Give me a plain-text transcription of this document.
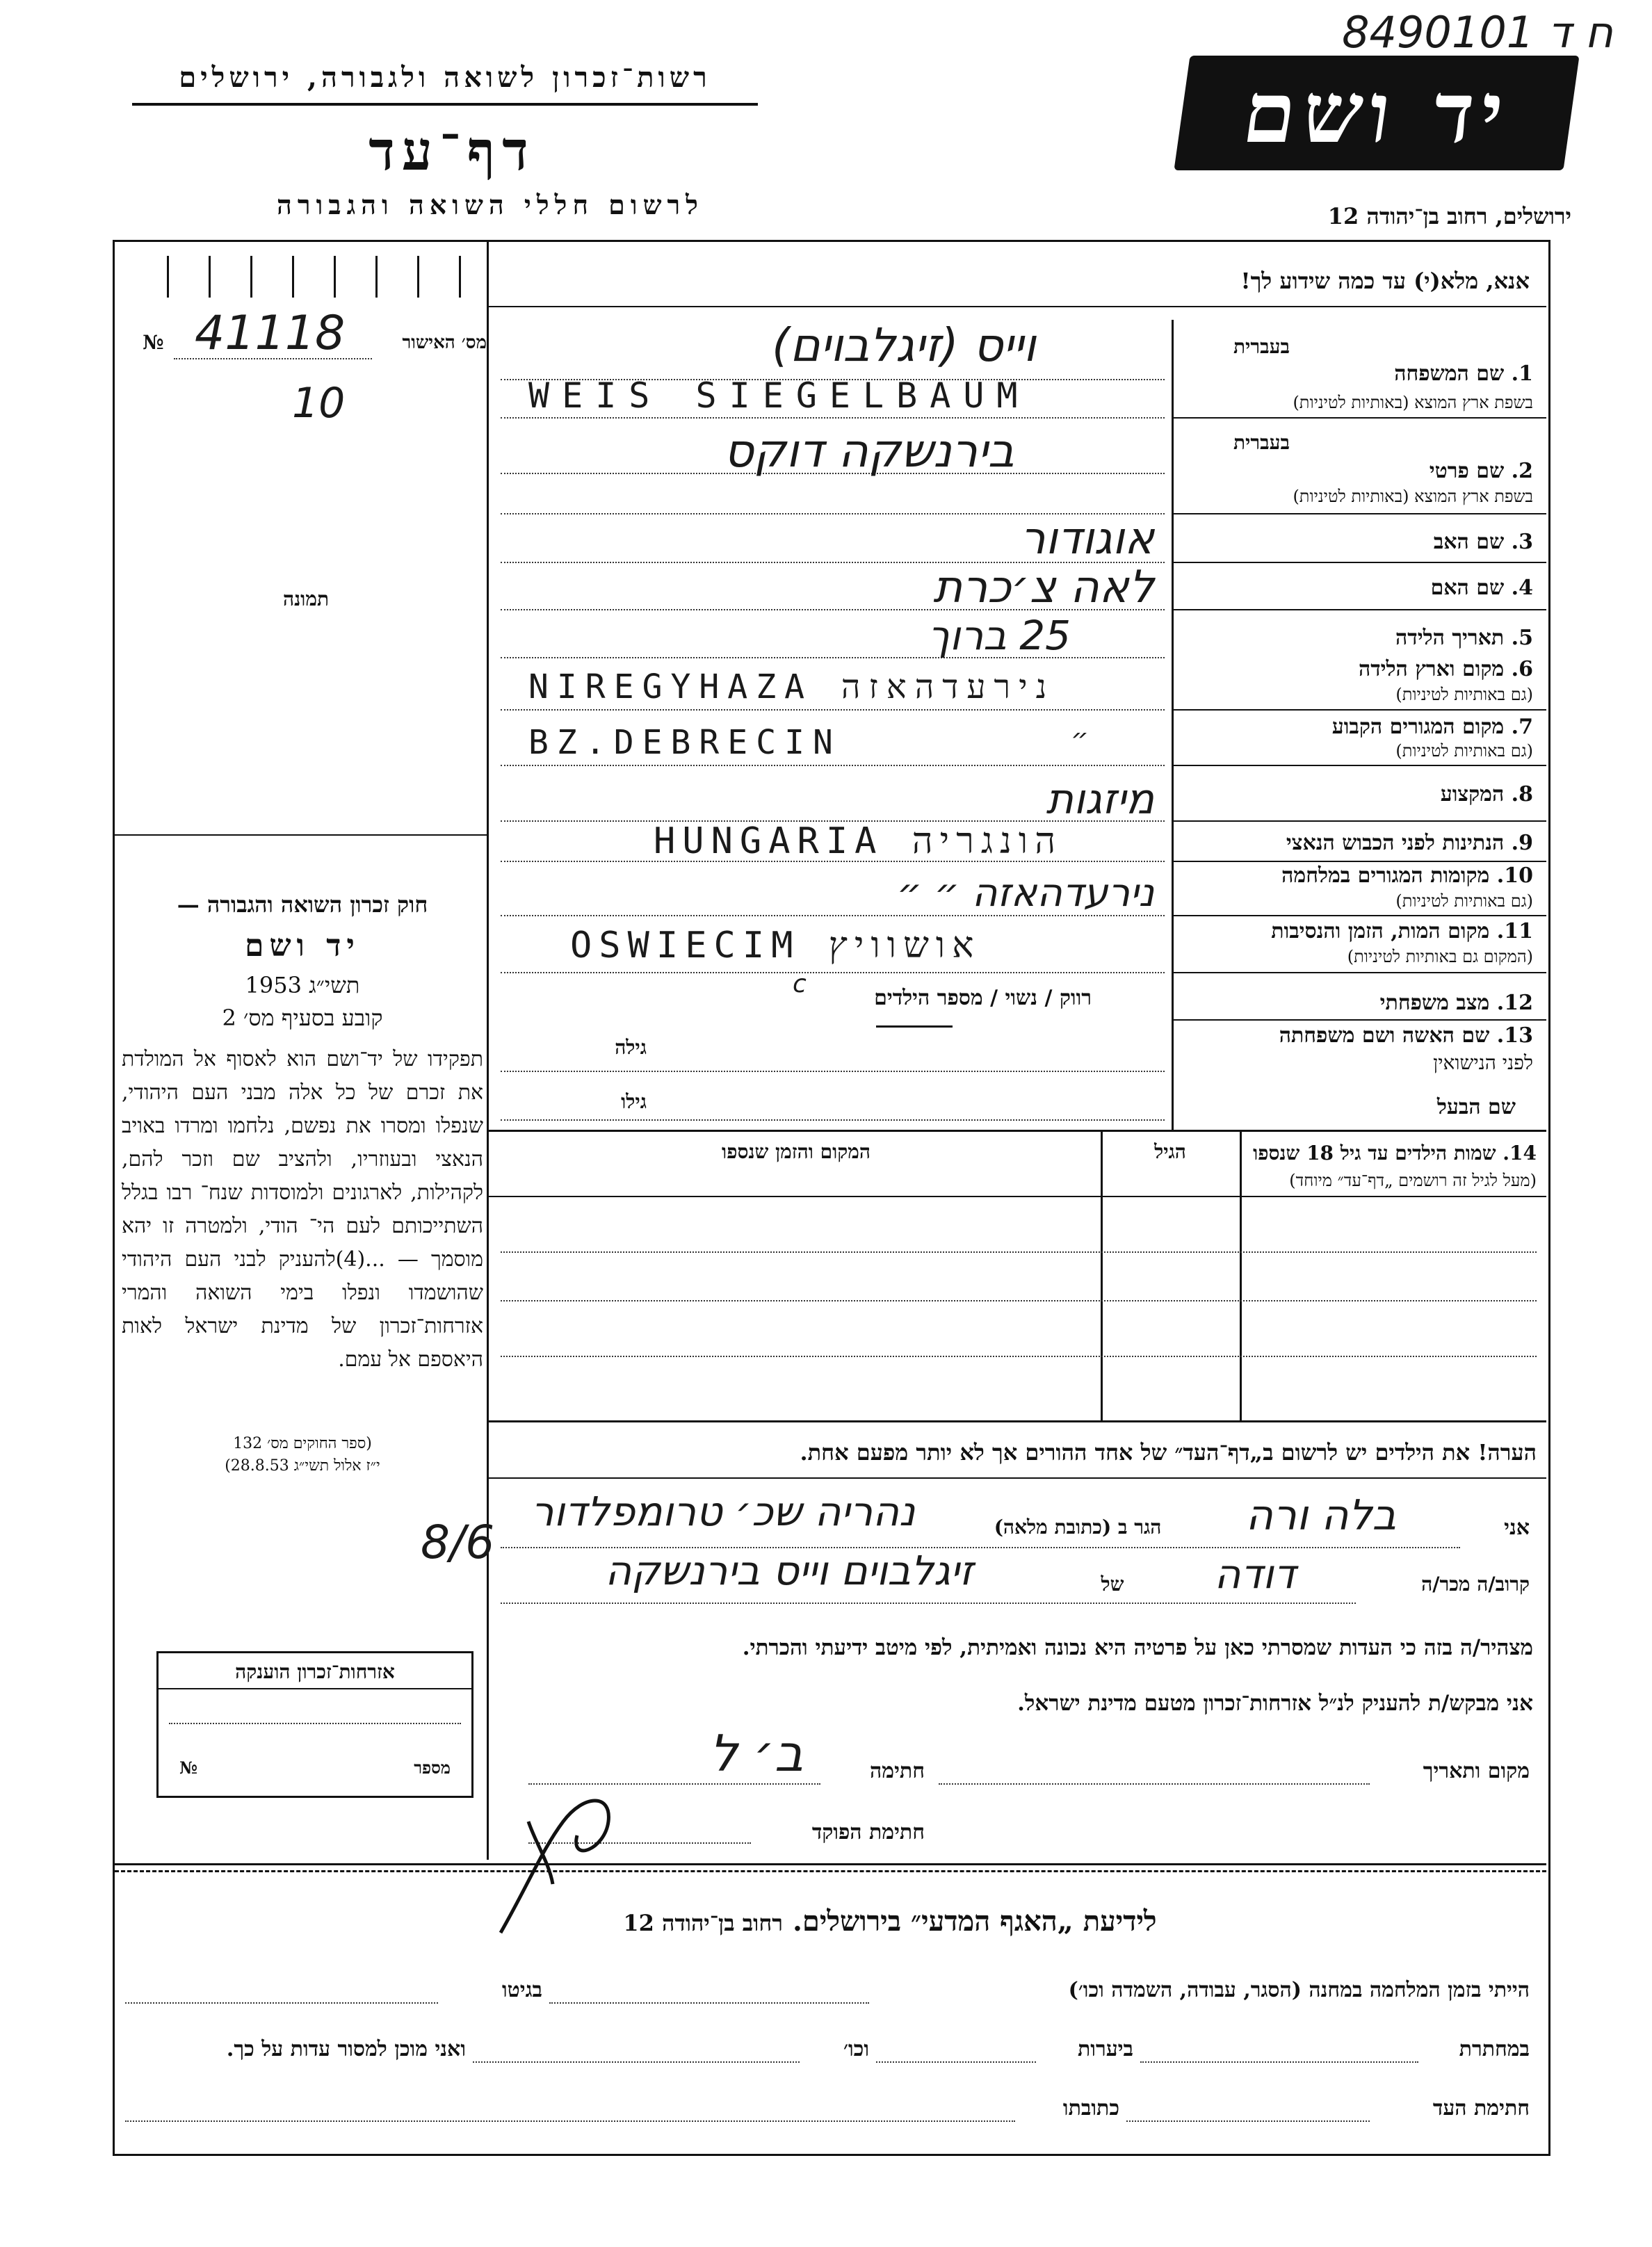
רשות־זכרון לשואה ולגבורה, ירושלים
דף־עד
לרשום חללי השואה והגבורה
יד ושם
8490101 ח ד
ירושלים, רחוב בן־יהודה 12
אנא, מלא(י) עד כמה שידוע לך!
מס׳ האישור
№ 41118
10
תמונה
חוק זכרון השואה והגבורה —
יד ושם
תשי״ג 1953
קובע בסעיף מס׳ 2
תפקידו של יד־ושם הוא לאסוף אל המולדת את זכרם של כל אלה מבני העם היהודי, שנפלו ומסרו את נפשם, נלחמו ומרדו באויב הנאצי ובעוזריו, ולהציב שם וזכר להם, לקהילות, לארגונים ולמוסדות שנח־ רבו בגלל השתייכותם לעם הי־ הודי, ולמטרה זו יהא מוסמך — ...(4)להעניק לבני העם היהודי שהושמדו ונפלו בימי השואה והמרי אזרחות־זכרון של מדינת ישראל לאות היאספם אל עמם.
(ספר החוקים מס׳ 132
י״ז אלול תשי״ג 28.8.53)
8/6
אזרחות־זכרון הוענקה
מספר
№
בעברית
1. שם המשפחה
בשפת ארץ המוצא (באותיות לטיניות)
בעברית
2. שם פרטי
בשפת ארץ המוצא (באותיות לטיניות)
3. שם האב
4. שם האם
5. תאריך הלידה
6. מקום וארץ הלידה
(גם באותיות לטיניות)
7. מקום המגורים הקבוע
(גם באותיות לטיניות)
8. המקצוע
9. הנתינות לפני הכבוש הנאצי
10. מקומות המגורים במלחמה
(גם באותיות לטיניות)
11. מקום המות, הזמן והנסיבות
(המקום גם באותיות לטיניות)
12. מצב משפחתי
13. שם האשה ושם משפחתה
לפני הנישואין
שם הבעל
וייס (זיגלבוים)
WEIS SIEGELBAUM
בירנשקה דוקס
אוגודור
לאה צ׳כרת
25 ברוך
NIREGYHAZA נירעדהאזה
BZ.DEBRECIN	״
מיזגות
HUNGARIA הונגריה
נירעדהאזה ״ ״
OSWIECIM אושוויץ
רווק / נשוי / מספר הילדים
c
גילה
גילו
14. שמות הילדים עד גיל 18 שנספו
(מעל לגיל זה רושמים „דף־עד״ מיוחד)
הגיל
המקום והזמן שנספו
הערה! את הילדים יש לרשום ב„דף־העד״ של אחד ההורים אך לא יותר מפעם אחת.
אני
בלה ורה
הגר ב (כתובת מלאה)
נהריה שכ׳ טרומפלדור
קרוב/ה מכר/ה
דודה
של
זיגלבוים וייס בירנשקה
מצהיר/ה בזה כי העדות שמסרתי כאן על פרטיה היא נכונה ואמיתית, לפי מיטב ידיעתי והכרתי.
אני מבקש/ת להעניק לנ״ל אזרחות־זכרון מטעם מדינת ישראל.
מקום ותאריך
חתימה
ב׳ ל
חתימת הפוקד
לידיעת „האגף המדעי״ בירושלים. רחוב בן־יהודה 12
הייתי בזמן המלחמה במחנה (הסגר, עבודה, השמדה וכו׳)
בגיטו
במחתרת
ביערות
וכו׳
ואני מוכן למסור עדות על כך.
חתימת העד
כתובתו
